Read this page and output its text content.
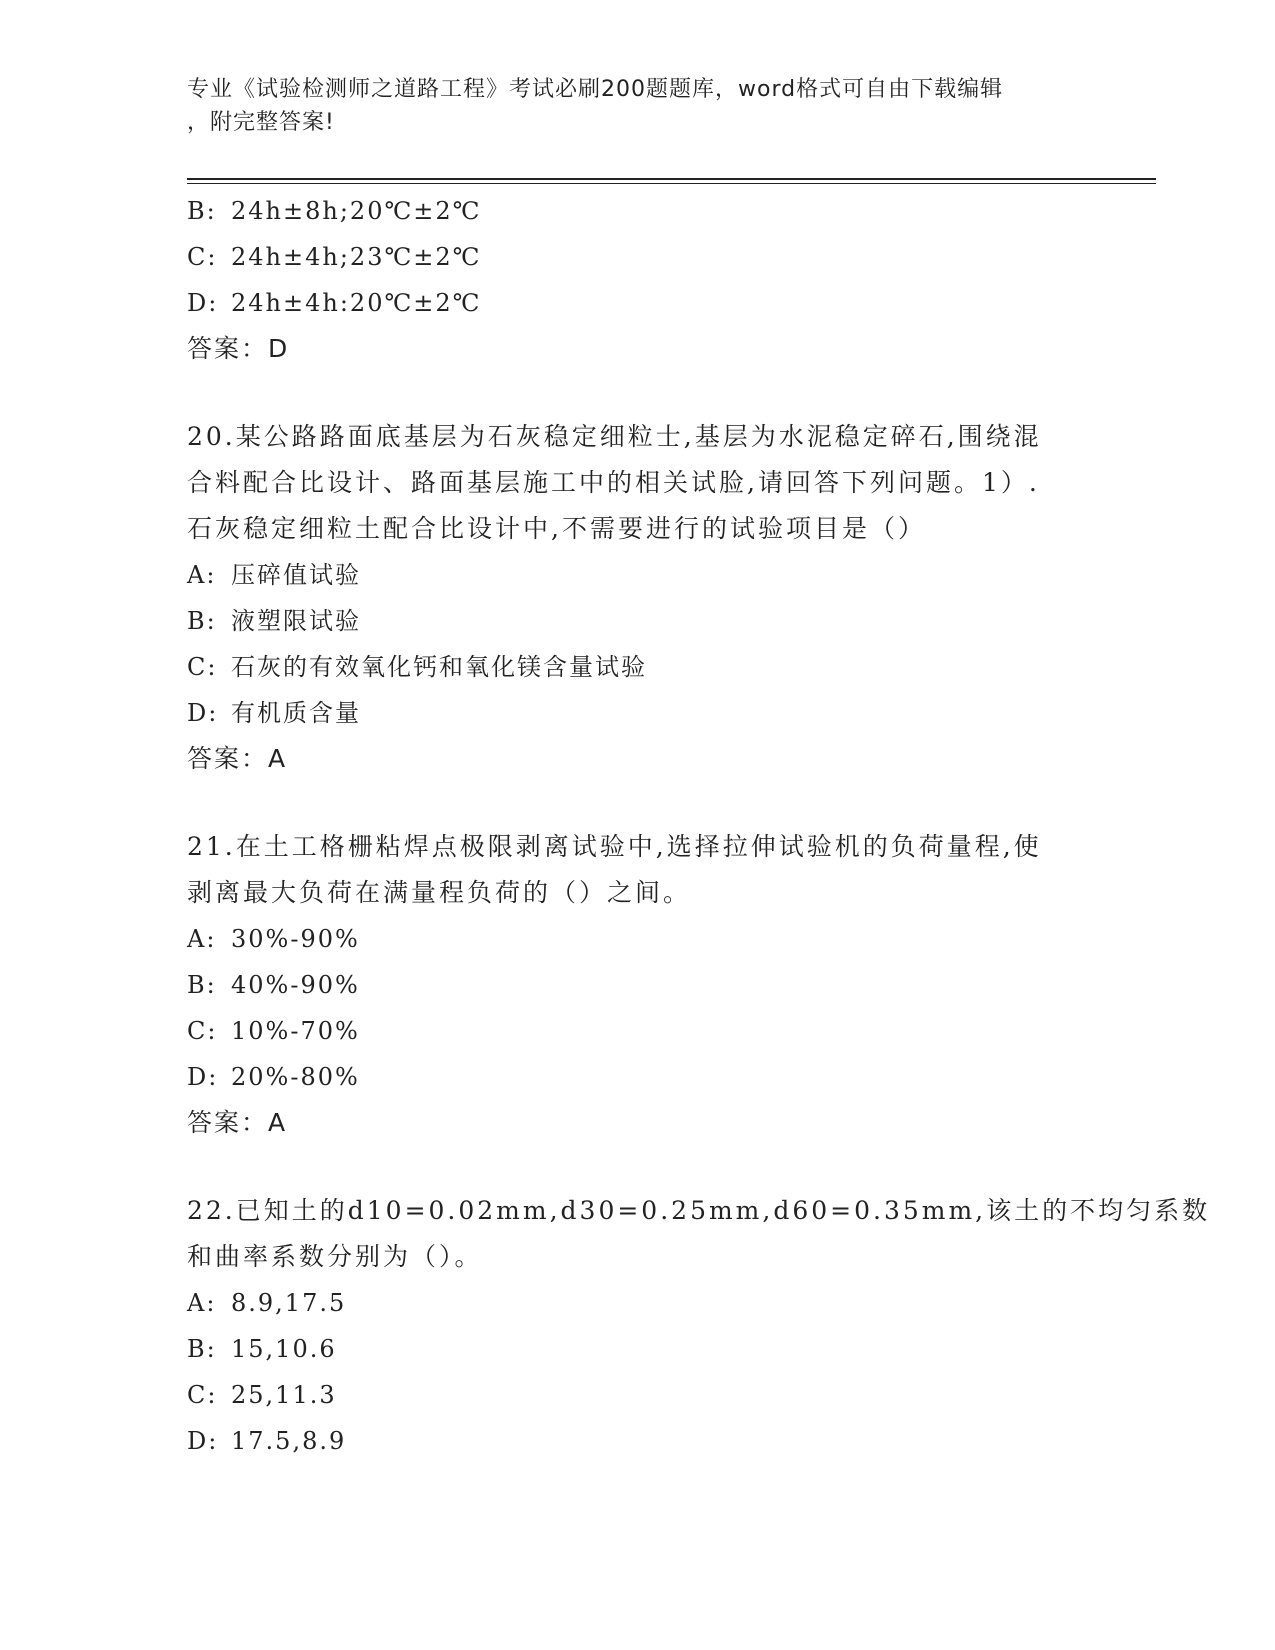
专业《试验检测师之道路工程》考试必刷200题题库，word格式可自由下载编辑
，附完整答案!
B: 24h±8h;20℃±2℃
C: 24h±4h;23℃±2℃
D: 24h±4h:20℃±2℃
答案：D
20.某公路路面底基层为石灰稳定细粒士,基层为水泥稳定碎石,围绕混
合料配合比设计、路面基层施工中的相关试脸,请回答下列问题。1）.
石灰稳定细粒土配合比设计中,不需要进行的试验项目是（）
A: 压碎值试验
B: 液塑限试验
C: 石灰的有效氧化钙和氧化镁含量试验
D: 有机质含量
答案：A
21.在土工格栅粘焊点极限剥离试验中,选择拉伸试验机的负荷量程,使
剥离最大负荷在满量程负荷的（）之间。
A: 30%-90%
B: 40%-90%
C: 10%-70%
D: 20%-80%
答案：A
22.已知土的d10=0.02mm,d30=0.25mm,d60=0.35mm,该土的不均匀系数
和曲率系数分别为（）。
A: 8.9,17.5
B: 15,10.6
C: 25,11.3
D: 17.5,8.9
